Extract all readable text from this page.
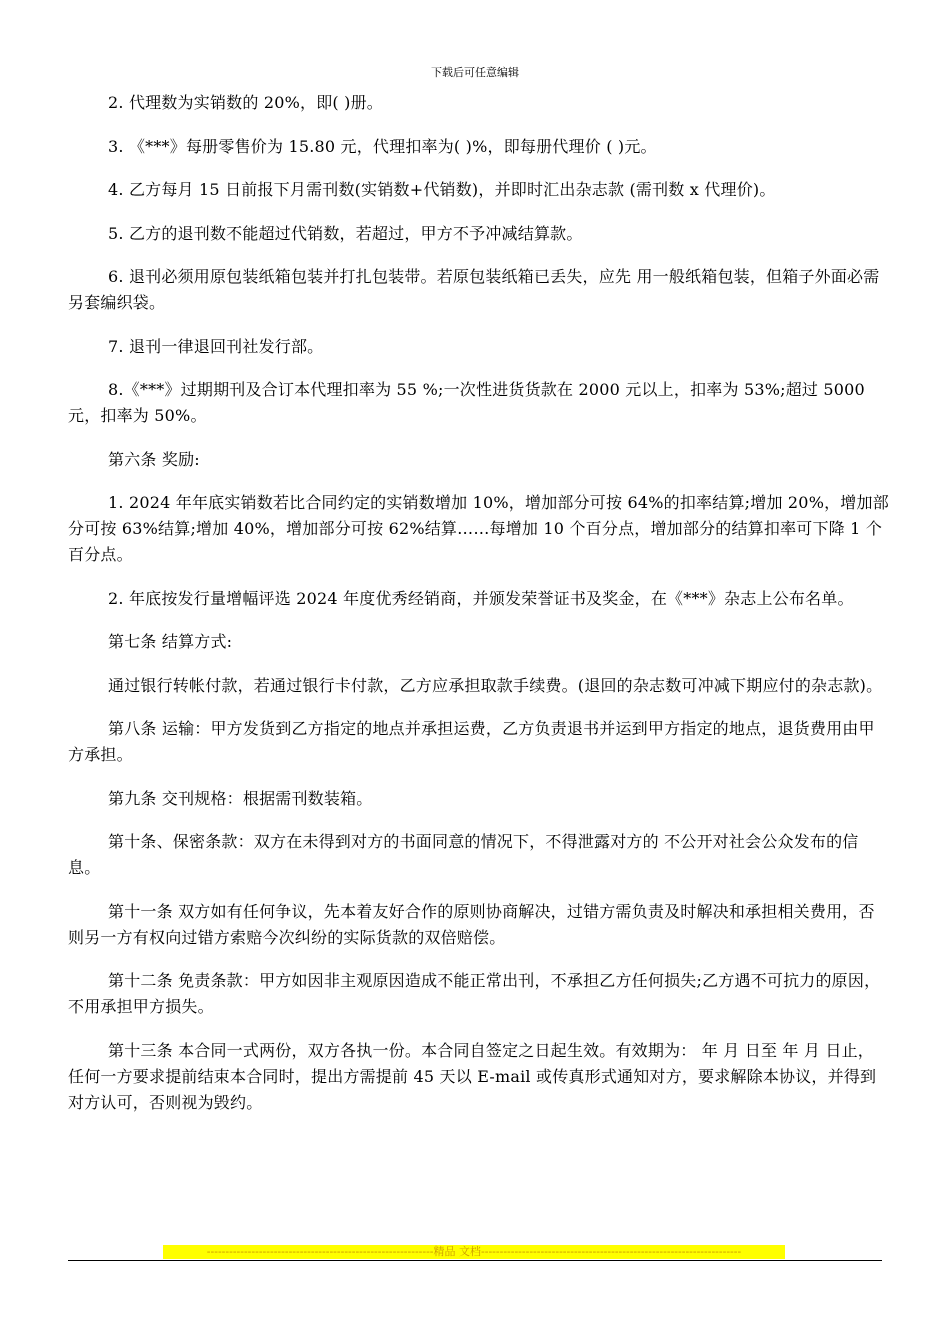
下载后可任意编辑

2. 代理数为实销数的 20%，即( )册。

3. 《***》每册零售价为 15.80 元，代理扣率为( )%，即每册代理价 ( )元。

4. 乙方每月 15 日前报下月需刊数(实销数+代销数)，并即时汇出杂志款 (需刊数 x 代理价)。

5. 乙方的退刊数不能超过代销数，若超过，甲方不予冲减结算款。

6. 退刊必须用原包装纸箱包装并打扎包装带。若原包装纸箱已丢失，应先 用一般纸箱包装，但箱子外面必需另套编织袋。

7. 退刊一律退回刊社发行部。

8.《***》过期期刊及合订本代理扣率为 55 %;一次性进货货款在 2000 元以上，扣率为 53%;超过 5000 元，扣率为 50%。

第六条 奖励:

1. 2024 年年底实销数若比合同约定的实销数增加 10%，增加部分可按 64%的扣率结算;增加 20%，增加部分可按 63%结算;增加 40%，增加部分可按 62%结算……每增加 10 个百分点，增加部分的结算扣率可下降 1 个百分点。

2. 年底按发行量增幅评选 2024 年度优秀经销商，并颁发荣誉证书及奖金，在《***》杂志上公布名单。

第七条 结算方式:

通过银行转帐付款，若通过银行卡付款，乙方应承担取款手续费。(退回的杂志数可冲减下期应付的杂志款)。

第八条 运输：甲方发货到乙方指定的地点并承担运费，乙方负责退书并运到甲方指定的地点，退货费用由甲方承担。

第九条 交刊规格：根据需刊数装箱。

第十条、保密条款：双方在未得到对方的书面同意的情况下，不得泄露对方的 不公开对社会公众发布的信息。

第十一条 双方如有任何争议，先本着友好合作的原则协商解决，过错方需负责及时解决和承担相关费用，否则另一方有权向过错方索赔今次纠纷的实际货款的双倍赔偿。

第十二条 免责条款：甲方如因非主观原因造成不能正常出刊，不承担乙方任何损失;乙方遇不可抗力的原因，不用承担甲方损失。

第十三条 本合同一式两份，双方各执一份。本合同自签定之日起生效。有效期为： 年 月 日至 年 月 日止，任何一方要求提前结束本合同时，提出方需提前 45 天以 E-mail 或传真形式通知对方，要求解除本协议，并得到对方认可，否则视为毁约。

-------------------------------------------------------------精品 文档----------------------------------------------------------------------
